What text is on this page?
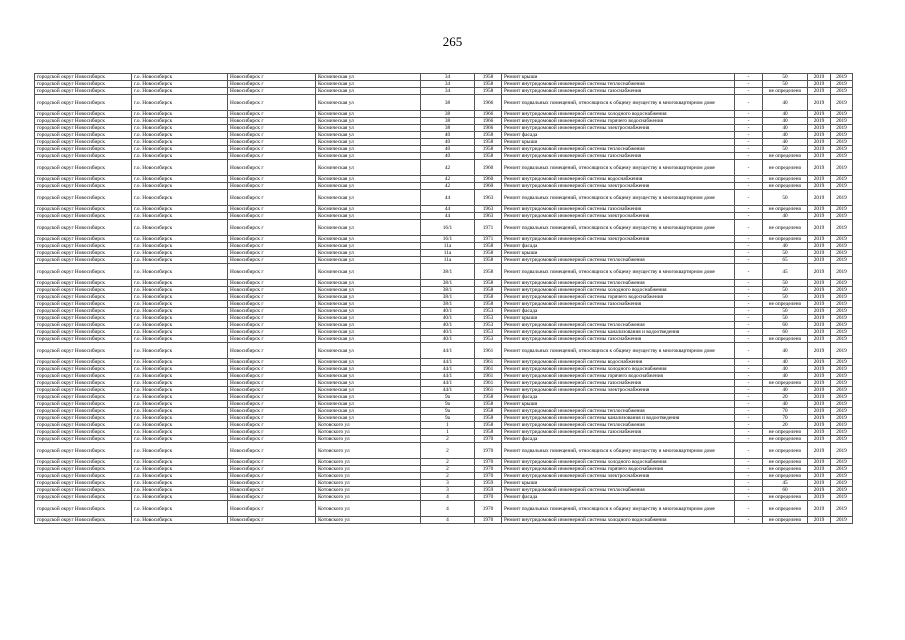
265
городской округ Новосибирск	г.о. Новосибирск	Новосибирск г	Космическая ул	34	1958	Ремонт крыши	-	50	2019	2019
городской округ Новосибирск	г.о. Новосибирск	Новосибирск г	Космическая ул	34	1958	Ремонт внутридомовой инженерной системы теплоснабжения	-	50	2019	2019
городской округ Новосибирск	г.о. Новосибирск	Новосибирск г	Космическая ул	34	1958	Ремонт внутридомовой инженерной системы газоснабжения	-	не определено	2019	2019
городской округ Новосибирск	г.о. Новосибирск	Новосибирск г	Космическая ул	38	1966	Ремонт подвальных помещений, относящихся к общему имуществу в многоквартирном доме	-	40	2019	2019
городской округ Новосибирск	г.о. Новосибирск	Новосибирск г	Космическая ул	38	1966	Ремонт внутридомовой инженерной системы холодного водоснабжения	-	40	2019	2019
городской округ Новосибирск	г.о. Новосибирск	Новосибирск г	Космическая ул	38	1966	Ремонт внутридомовой инженерной системы горячего водоснабжения	-	40	2019	2019
городской округ Новосибирск	г.о. Новосибирск	Новосибирск г	Космическая ул	38	1966	Ремонт внутридомовой инженерной системы электроснабжения	-	40	2019	2019
городской округ Новосибирск	г.о. Новосибирск	Новосибирск г	Космическая ул	40	1958	Ремонт фасада	-	40	2019	2019
городской округ Новосибирск	г.о. Новосибирск	Новосибирск г	Космическая ул	40	1958	Ремонт крыши	-	40	2019	2019
городской округ Новосибирск	г.о. Новосибирск	Новосибирск г	Космическая ул	40	1958	Ремонт внутридомовой инженерной системы теплоснабжения	-	50	2019	2019
городской округ Новосибирск	г.о. Новосибирск	Новосибирск г	Космическая ул	40	1958	Ремонт внутридомовой инженерной системы газоснабжения	-	не определено	2019	2019
городской округ Новосибирск	г.о. Новосибирск	Новосибирск г	Космическая ул	42	1960	Ремонт подвальных помещений, относящихся к общему имуществу в многоквартирном доме	-	не определено	2019	2019
городской округ Новосибирск	г.о. Новосибирск	Новосибирск г	Космическая ул	42	1960	Ремонт внутридомовой инженерной системы водоснабжения	-	не определено	2019	2019
городской округ Новосибирск	г.о. Новосибирск	Новосибирск г	Космическая ул	42	1960	Ремонт внутридомовой инженерной системы электроснабжения	-	не определено	2019	2019
городской округ Новосибирск	г.о. Новосибирск	Новосибирск г	Космическая ул	44	1963	Ремонт подвальных помещений, относящихся к общему имуществу в многоквартирном доме	-	50	2019	2019
городской округ Новосибирск	г.о. Новосибирск	Новосибирск г	Космическая ул	44	1963	Ремонт внутридомовой инженерной системы газоснабжения	-	не определено	2019	2019
городской округ Новосибирск	г.о. Новосибирск	Новосибирск г	Космическая ул	44	1963	Ремонт внутридомовой инженерной системы электроснабжения	-	40	2019	2019
городской округ Новосибирск	г.о. Новосибирск	Новосибирск г	Космическая ул	16/1	1971	Ремонт подвальных помещений, относящихся к общему имуществу в многоквартирном доме	-	не определено	2019	2019
городской округ Новосибирск	г.о. Новосибирск	Новосибирск г	Космическая ул	16/1	1971	Ремонт внутридомовой инженерной системы электроснабжения	-	не определено	2019	2019
городской округ Новосибирск	г.о. Новосибирск	Новосибирск г	Космическая ул	11а	1958	Ремонт фасада	-	40	2019	2019
городской округ Новосибирск	г.о. Новосибирск	Новосибирск г	Космическая ул	11а	1958	Ремонт крыши	-	50	2019	2019
городской округ Новосибирск	г.о. Новосибирск	Новосибирск г	Космическая ул	11а	1958	Ремонт внутридомовой инженерной системы теплоснабжения	-	65	2019	2019
городской округ Новосибирск	г.о. Новосибирск	Новосибирск г	Космическая ул	38/1	1958	Ремонт подвальных помещений, относящихся к общему имуществу в многоквартирном доме	-	45	2019	2019
городской округ Новосибирск	г.о. Новосибирск	Новосибирск г	Космическая ул	38/1	1958	Ремонт внутридомовой инженерной системы теплоснабжения	-	50	2019	2019
городской округ Новосибирск	г.о. Новосибирск	Новосибирск г	Космическая ул	38/1	1958	Ремонт внутридомовой инженерной системы холодного водоснабжения	-	50	2019	2019
городской округ Новосибирск	г.о. Новосибирск	Новосибирск г	Космическая ул	38/1	1958	Ремонт внутридомовой инженерной системы горячего водоснабжения	-	50	2019	2019
городской округ Новосибирск	г.о. Новосибирск	Новосибирск г	Космическая ул	38/1	1958	Ремонт внутридомовой инженерной системы газоснабжения	-	не определено	2019	2019
городской округ Новосибирск	г.о. Новосибирск	Новосибирск г	Космическая ул	40/1	1953	Ремонт фасада	-	50	2019	2019
городской округ Новосибирск	г.о. Новосибирск	Новосибирск г	Космическая ул	40/1	1953	Ремонт крыши	-	50	2019	2019
городской округ Новосибирск	г.о. Новосибирск	Новосибирск г	Космическая ул	40/1	1953	Ремонт внутридомовой инженерной системы теплоснабжения	-	60	2019	2019
городской округ Новосибирск	г.о. Новосибирск	Новосибирск г	Космическая ул	40/1	1953	Ремонт внутридомовой инженерной системы канализования и водоотведения	-	60	2019	2019
городской округ Новосибирск	г.о. Новосибирск	Новосибирск г	Космическая ул	40/1	1953	Ремонт внутридомовой инженерной системы газоснабжения	-	не определено	2019	2019
городской округ Новосибирск	г.о. Новосибирск	Новосибирск г	Космическая ул	44/1	1961	Ремонт подвальных помещений, относящихся к общему имуществу в многоквартирном доме	-	40	2019	2019
городской округ Новосибирск	г.о. Новосибирск	Новосибирск г	Космическая ул	44/1	1961	Ремонт внутридомовой инженерной системы водоснабжения	-	40	2019	2019
городской округ Новосибирск	г.о. Новосибирск	Новосибирск г	Космическая ул	44/1	1961	Ремонт внутридомовой инженерной системы холодного водоснабжения	-	40	2019	2019
городской округ Новосибирск	г.о. Новосибирск	Новосибирск г	Космическая ул	44/1	1961	Ремонт внутридомовой инженерной системы горячего водоснабжения	-	40	2019	2019
городской округ Новосибирск	г.о. Новосибирск	Новосибирск г	Космическая ул	44/1	1961	Ремонт внутридомовой инженерной системы газоснабжения	-	не определено	2019	2019
городской округ Новосибирск	г.о. Новосибирск	Новосибирск г	Космическая ул	44/1	1961	Ремонт внутридомовой инженерной системы электроснабжения	-	40	2019	2019
городской округ Новосибирск	г.о. Новосибирск	Новосибирск г	Космическая ул	9а	1958	Ремонт фасада	-	20	2019	2019
городской округ Новосибирск	г.о. Новосибирск	Новосибирск г	Космическая ул	9а	1958	Ремонт крыши	-	40	2019	2019
городской округ Новосибирск	г.о. Новосибирск	Новосибирск г	Космическая ул	9а	1958	Ремонт внутридомовой инженерной системы теплоснабжения	-	70	2019	2019
городской округ Новосибирск	г.о. Новосибирск	Новосибирск г	Космическая ул	9а	1958	Ремонт внутридомовой инженерной системы канализования и водоотведения	-	70	2019	2019
городской округ Новосибирск	г.о. Новосибирск	Новосибирск г	Котовского ул	1	1958	Ремонт внутридомовой инженерной системы теплоснабжения	-	20	2019	2019
городской округ Новосибирск	г.о. Новосибирск	Новосибирск г	Котовского ул	1	1958	Ремонт внутридомовой инженерной системы газоснабжения	-	не определено	2019	2019
городской округ Новосибирск	г.о. Новосибирск	Новосибирск г	Котовского ул	2	1970	Ремонт фасада	-	не определено	2019	2019
городской округ Новосибирск	г.о. Новосибирск	Новосибирск г	Котовского ул	2	1970	Ремонт подвальных помещений, относящихся к общему имуществу в многоквартирном доме	-	не определено	2019	2019
городской округ Новосибирск	г.о. Новосибирск	Новосибирск г	Котовского ул	2	1970	Ремонт внутридомовой инженерной системы холодного водоснабжения	-	не определено	2019	2019
городской округ Новосибирск	г.о. Новосибирск	Новосибирск г	Котовского ул	2	1970	Ремонт внутридомовой инженерной системы горячего водоснабжения	-	не определено	2019	2019
городской округ Новосибирск	г.о. Новосибирск	Новосибирск г	Котовского ул	2	1970	Ремонт внутридомовой инженерной системы электроснабжения	-	не определено	2019	2019
городской округ Новосибирск	г.о. Новосибирск	Новосибирск г	Котовского ул	3	1959	Ремонт крыши	-	45	2019	2019
городской округ Новосибирск	г.о. Новосибирск	Новосибирск г	Котовского ул	3	1959	Ремонт внутридомовой инженерной системы теплоснабжения	-	60	2019	2019
городской округ Новосибирск	г.о. Новосибирск	Новосибирск г	Котовского ул	4	1970	Ремонт фасада	-	не определено	2019	2019
городской округ Новосибирск	г.о. Новосибирск	Новосибирск г	Котовского ул	4	1970	Ремонт подвальных помещений, относящихся к общему имуществу в многоквартирном доме	-	не определено	2019	2019
городской округ Новосибирск	г.о. Новосибирск	Новосибирск г	Котовского ул	4	1970	Ремонт внутридомовой инженерной системы холодного водоснабжения	-	не определено	2019	2019
